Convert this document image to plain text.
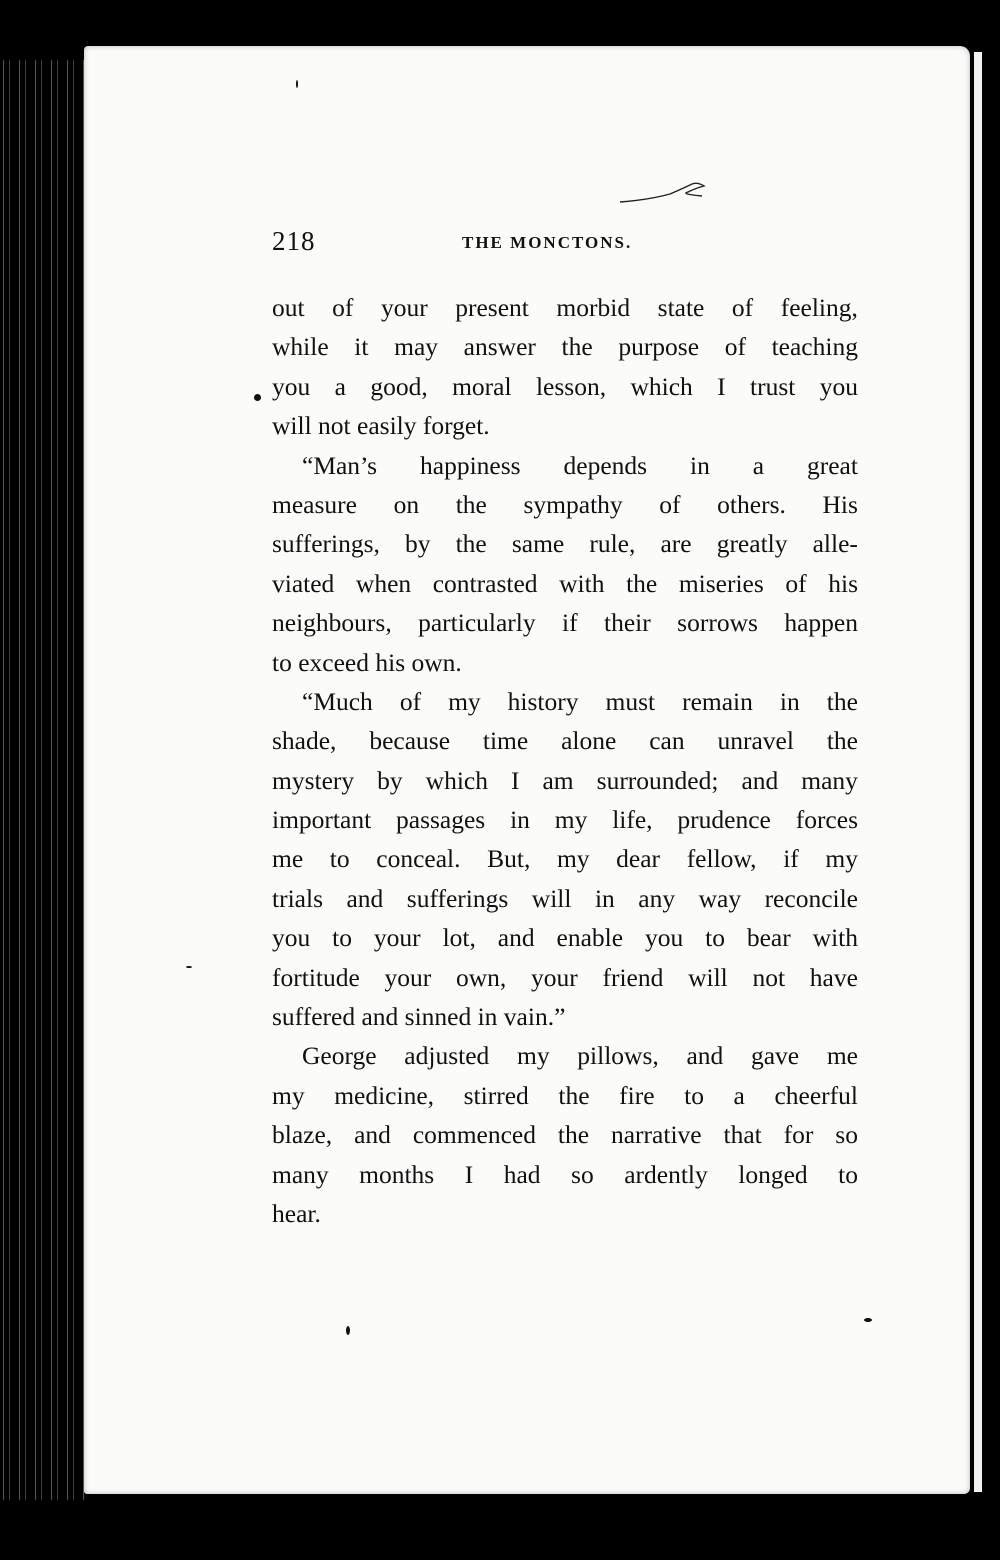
218	THE MONCTONS.
out of your present morbid state of feeling,
while it may answer the purpose of teaching
you a good, moral lesson, which I trust you
will not easily forget.
“Man’s happiness depends in a great
measure on the sympathy of others. His
sufferings, by the same rule, are greatly alle-
viated when contrasted with the miseries of his
neighbours, particularly if their sorrows happen
to exceed his own.
“Much of my history must remain in the
shade, because time alone can unravel the
mystery by which I am surrounded; and many
important passages in my life, prudence forces
me to conceal. But, my dear fellow, if my
trials and sufferings will in any way reconcile
you to your lot, and enable you to bear with
fortitude your own, your friend will not have
suffered and sinned in vain.”
George adjusted my pillows, and gave me
my medicine, stirred the fire to a cheerful
blaze, and commenced the narrative that for so
many months I had so ardently longed to
hear.
